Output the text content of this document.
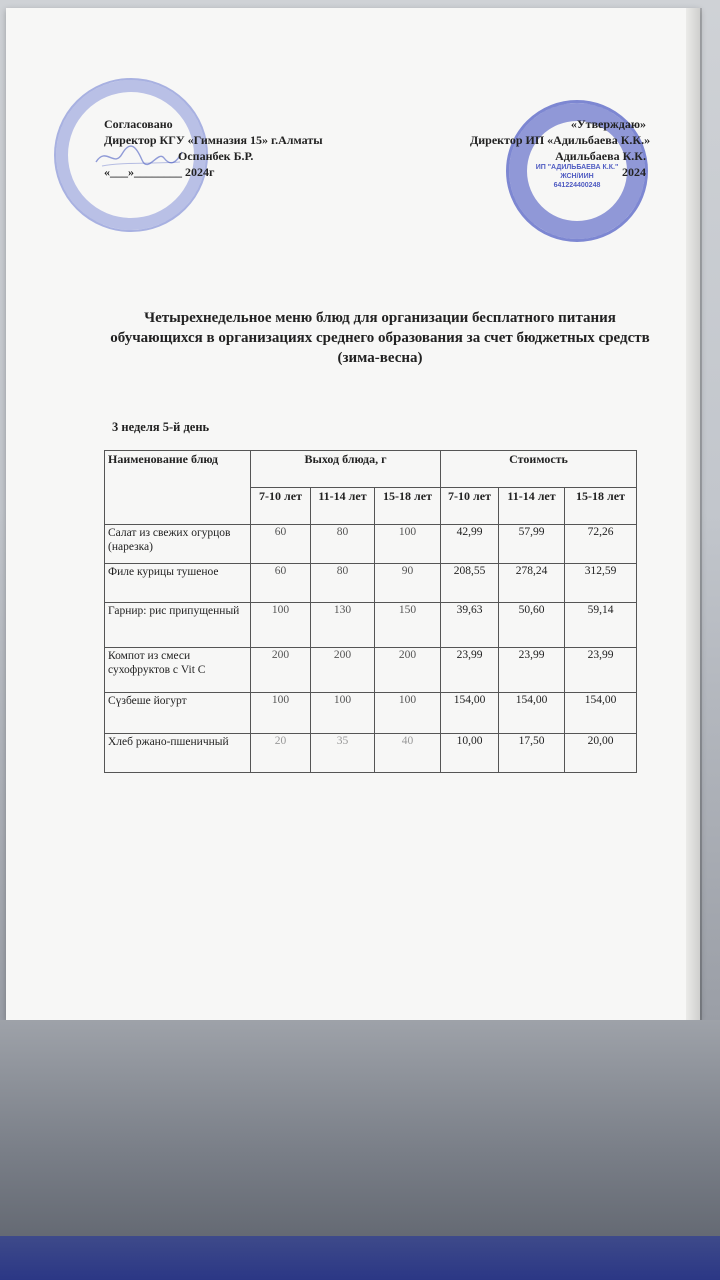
Согласовано
Директор КГУ «Гимназия 15» г.Алматы
Оспанбек Б.Р.
«___»________ 2024г	ИП "АДИЛЬБАЕВА К.К."
ЖСН/ИИН
641224400248
«Утверждаю»
Директор ИП «Адильбаева К.К.»
Адильбаева К.К.
2024
Четырехнедельное меню блюд для организации бесплатного питания обучающихся в организациях среднего образования за счет бюджетных средств (зима-весна)
3 неделя 5-й день
Наименование блюд	Выход блюда, г			Стоимость		
	7-10 лет	11-14 лет	15-18 лет	7-10 лет	11-14 лет	15-18 лет
Салат из свежих огурцов (нарезка)	60	80	100	42,99	57,99	72,26
Филе курицы тушеное	60	80	90	208,55	278,24	312,59
Гарнир: рис припущенный	100	130	150	39,63	50,60	59,14
Компот из смеси сухофруктов с Vit C	200	200	200	23,99	23,99	23,99
Сүзбеше йогурт	100	100	100	154,00	154,00	154,00
Хлеб ржано-пшеничный	20	35	40	10,00	17,50	20,00
